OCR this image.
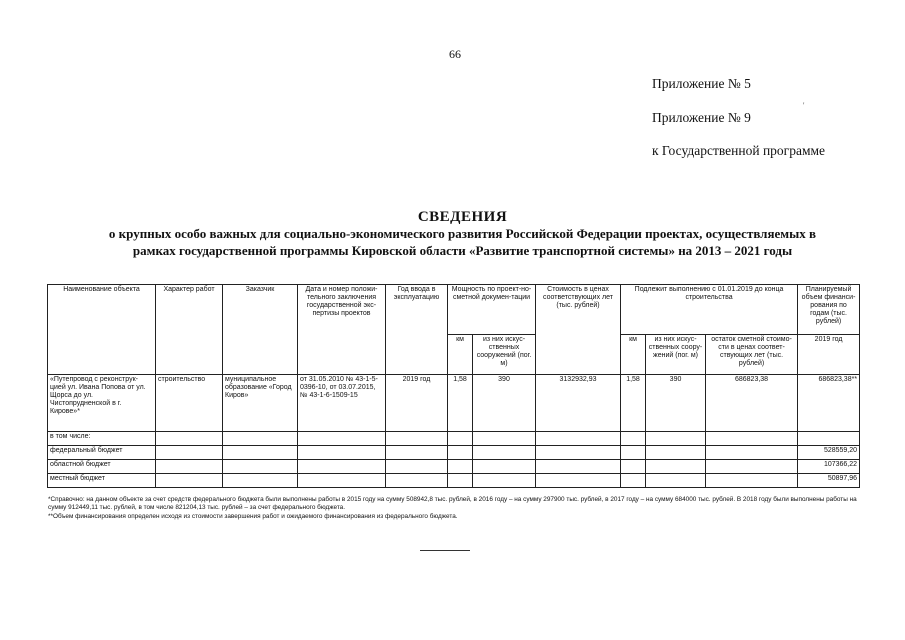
66
Приложение № 5
Приложение № 9
к Государственной программе
'
СВЕДЕНИЯ
о крупных особо важных для социально-экономического развития Российской Федерации проектах, осуществляемых в
рамках государственной программы Кировской области «Развитие транспортной системы» на 2013 – 2021 годы
Наименование объекта	Характер работ	Заказчик	Дата и номер положи-тельного заключения государственной экс-пертизы проектов	Год ввода в эксплуатацию	Мощность по проект-но-сметной докумен-тации		Стоимость в ценах соответствующих лет (тыс. рублей)	Подлежит выполнению с 01.01.2019 до конца строительства			Планируемый объем финанси-рования по годам (тыс. рублей)
					км	из них искус-ственных сооружений (пог. м)		км	из них искус-ственных соору-жений (пог. м)	остаток сметной стоимо-сти в ценах соответ-ствующих лет (тыс. рублей)	2019 год
«Путепровод с реконструк-цией ул. Ивана Попова от ул. Щорса до ул. Чистопрудненской в г. Кирове»*	строительство	муниципальное образование «Город Киров»	от 31.05.2010 № 43-1-5-0396-10, от 03.07.2015, № 43-1-6-1509-15	2019 год	1,58	390	3132932,93	1,58	390	686823,38	686823,38**
в том числе:											
федеральный бюджет											528559,20
областной бюджет											107366,22
местный бюджет											50897,96

*Справочно: на данном объекте за счет средств федерального бюджета были выполнены работы в 2015 году на сумму 508942,8 тыс. рублей, в 2016 году – на сумму 297900 тыс. рублей, в 2017 году – на сумму 684000 тыс. рублей. В 2018 году были выполнены работы на сумму 912449,11 тыс. рублей, в том числе 821204,13 тыс. рублей – за счет федерального бюджета.

**Объем финансирования определен исходя из стоимости завершения работ и ожидаемого финансирования из федерального бюджета.
